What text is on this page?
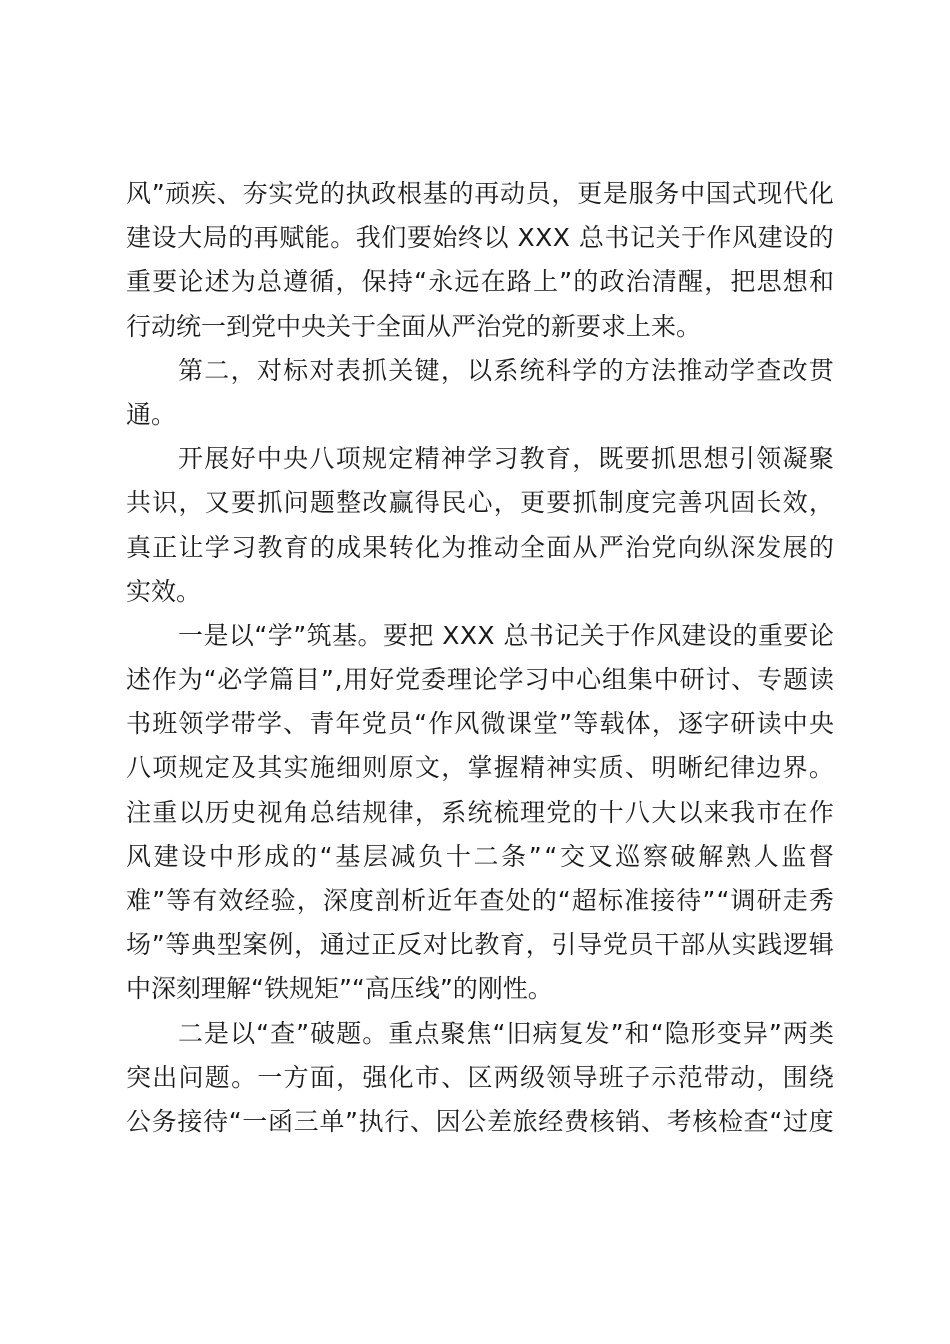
风 ” 顽 疾 、 夯 实 党 的 执 政 根 基 的 再 动 员 ， 更 是 服 务 中 国 式 现 代 化
建 设 大 局 的 再 赋 能 。 我 们 要 始 终 以
X X X
总 书 记 关 于 作 风 建 设 的
重 要 论 述 为 总 遵 循 ， 保 持 “ 永 远 在 路 上 ” 的 政 治 清 醒 ， 把 思 想 和
行动统一到党中央关于全面从严治党的新要求上来。
第 二 ， 对 标 对 表 抓 关 键 ， 以 系 统 科 学 的 方 法 推 动 学 查 改 贯
通。
开 展 好 中 央 八 项 规 定 精 神 学 习 教 育 ， 既 要 抓 思 想 引 领 凝 聚
共 识 ， 又 要 抓 问 题 整 改 赢 得 民 心 ， 更 要 抓 制 度 完 善 巩 固 长 效 ，
真 正 让 学 习 教 育 的 成 果 转 化 为 推 动 全 面 从 严 治 党 向 纵 深 发 展 的
实效。
一 是 以 “ 学 ” 筑 基 。 要 把
X X X
总 书 记 关 于 作 风 建 设 的 重 要 论
述 作 为 “ 必 学 篇 目 ” , 用 好 党 委 理 论 学 习 中 心 组 集 中 研 讨 、 专 题 读
书 班 领 学 带 学 、 青 年 党 员 “ 作 风 微 课 堂 ” 等 载 体 ， 逐 字 研 读 中 央
八 项 规 定 及 其 实 施 细 则 原 文 ， 掌 握 精 神 实 质 、 明 晰 纪 律 边 界 。
注 重 以 历 史 视 角 总 结 规 律 ， 系 统 梳 理 党 的 十 八 大 以 来 我 市 在 作
风 建 设 中 形 成 的 “ 基 层 减 负 十 二 条 ” “ 交 叉 巡 察 破 解 熟 人 监 督
难 ” 等 有 效 经 验 ， 深 度 剖 析 近 年 查 处 的 “ 超 标 准 接 待 ” “ 调 研 走 秀
场 ” 等 典 型 案 例 ， 通 过 正 反 对 比 教 育 ， 引 导 党 员 干 部 从 实 践 逻 辑
中深刻理解“铁规矩”“高压线”的刚性。
二 是 以 “ 查 ” 破 题 。 重 点 聚 焦 “ 旧 病 复 发 ” 和 “ 隐 形 变 异 ” 两 类
突 出 问 题 。 一 方 面 ， 强 化 市 、 区 两 级 领 导 班 子 示 范 带 动 ， 围 绕
公 务 接 待 “ 一 函 三 单 ” 执 行 、 因 公 差 旅 经 费 核 销 、 考 核 检 查 “ 过 度
